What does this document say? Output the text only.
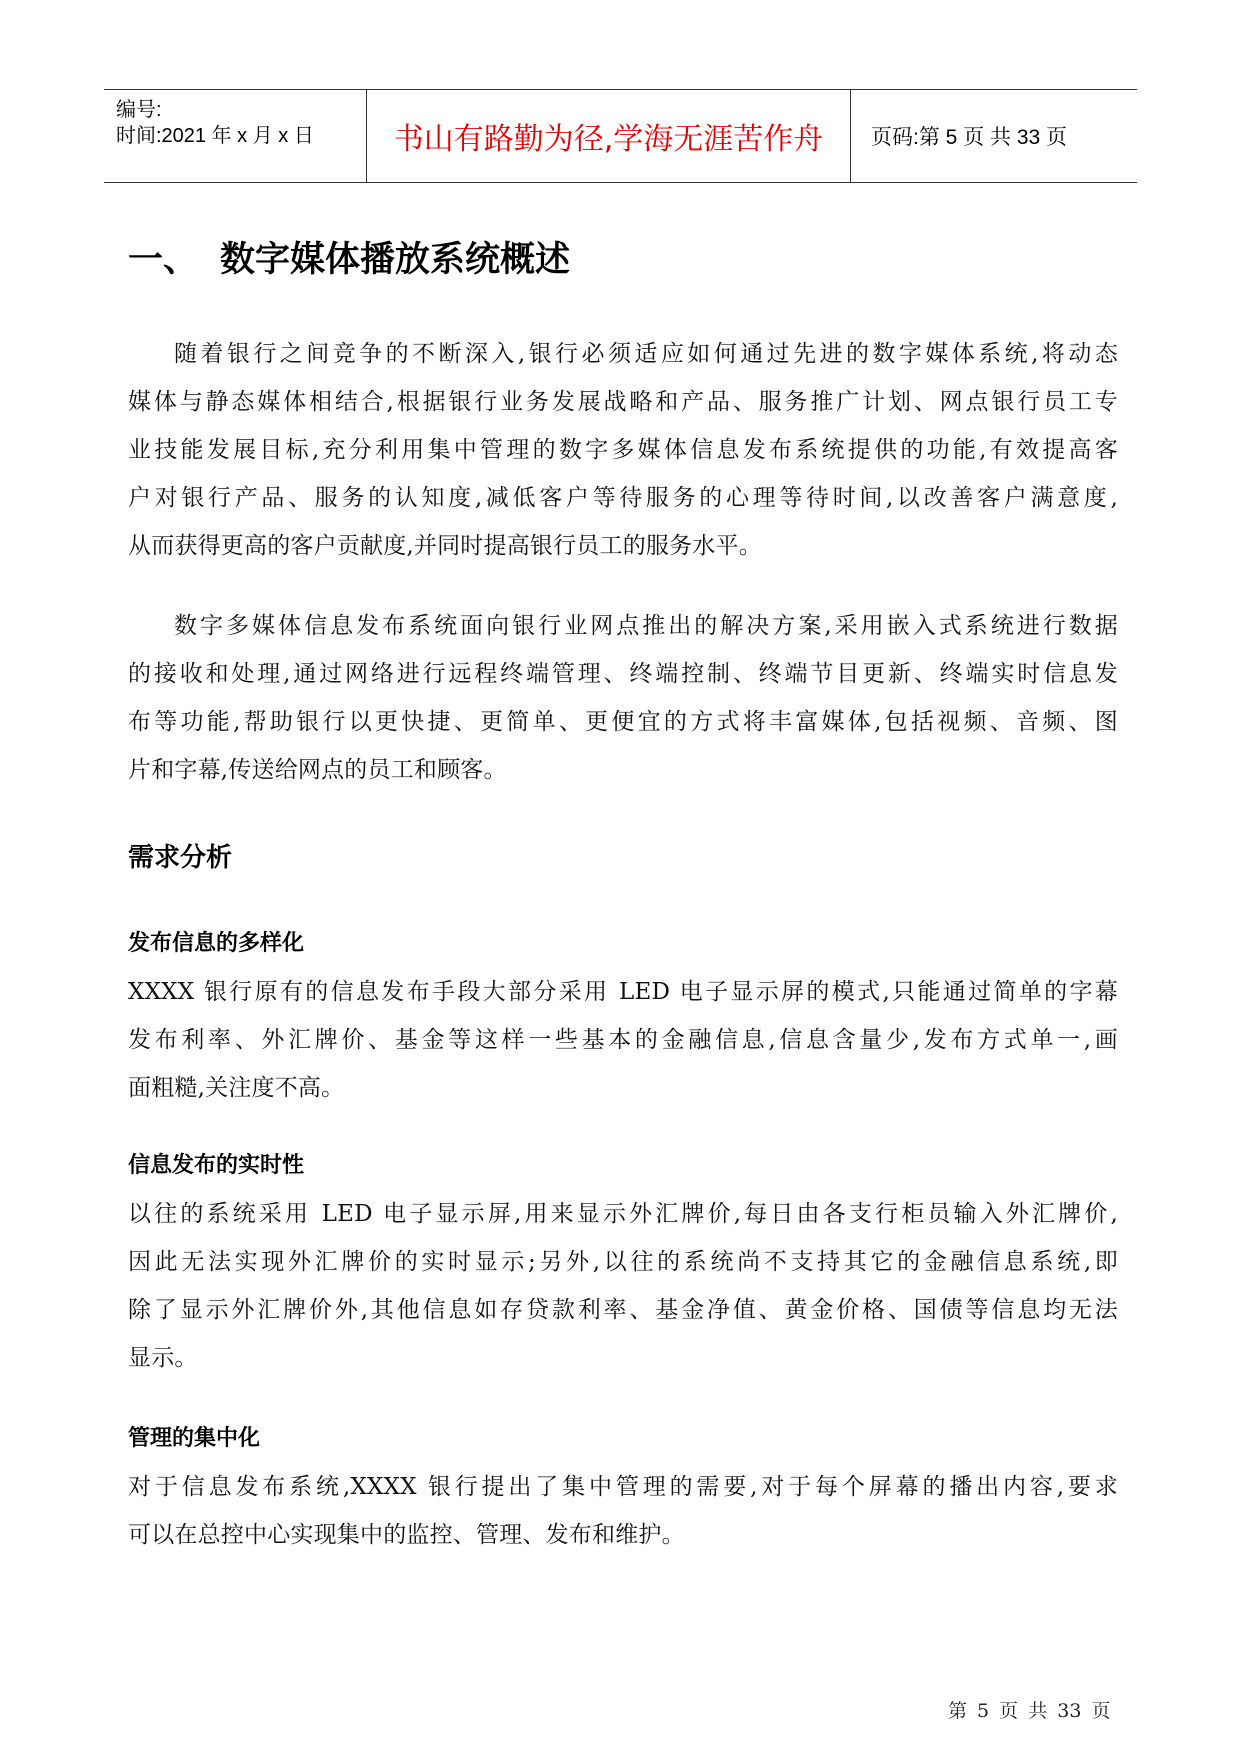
编号:
时间:2021 年 x 月 x 日	书山有路勤为径,学海无涯苦作舟 页码:第 5 页 共 33 页
一、 数字媒体播放系统概述
随着银行之间竞争的不断深入,银行必须适应如何通过先进的数字媒体系统,将动态
媒体与静态媒体相结合,根据银行业务发展战略和产品、服务推广计划、网点银行员工专
业技能发展目标,充分利用集中管理的数字多媒体信息发布系统提供的功能,有效提高客
户对银行产品、服务的认知度,减低客户等待服务的心理等待时间,以改善客户满意度,
从而获得更高的客户贡献度,并同时提高银行员工的服务水平。
数字多媒体信息发布系统面向银行业网点推出的解决方案,采用嵌入式系统进行数据
的接收和处理,通过网络进行远程终端管理、终端控制、终端节目更新、终端实时信息发
布等功能,帮助银行以更快捷、更简单、更便宜的方式将丰富媒体,包括视频、音频、图
片和字幕,传送给网点的员工和顾客。
需求分析
发布信息的多样化
XXXX 银行原有的信息发布手段大部分采用 LED 电子显示屏的模式,只能通过简单的字幕
发布利率、外汇牌价、基金等这样一些基本的金融信息,信息含量少,发布方式单一,画
面粗糙,关注度不高。
信息发布的实时性
以往的系统采用 LED 电子显示屏,用来显示外汇牌价,每日由各支行柜员输入外汇牌价,
因此无法实现外汇牌价的实时显示;另外,以往的系统尚不支持其它的金融信息系统,即
除了显示外汇牌价外,其他信息如存贷款利率、基金净值、黄金价格、国债等信息均无法
显示。
管理的集中化
对于信息发布系统,XXXX 银行提出了集中管理的需要,对于每个屏幕的播出内容,要求
可以在总控中心实现集中的监控、管理、发布和维护。
第 5 页 共 33 页
